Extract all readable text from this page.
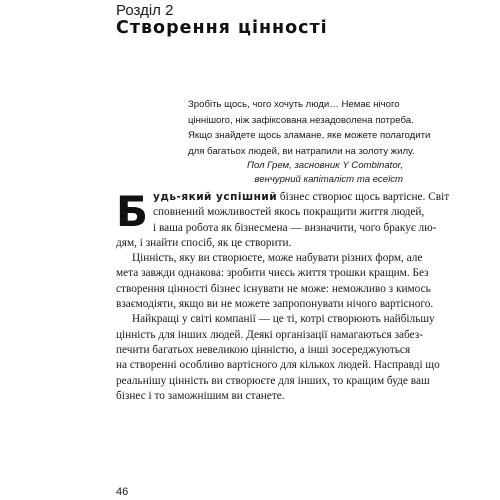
Розділ 2
Створення цінності
Зробіть щось, чого хочуть люди… Немає нічого
ціннішого, ніж зафіксована незадоволена потреба.
Якщо знайдете щось зламане, яке можете полагодити
для багатьох людей, ви натрапили на золоту жилу.
Пол Грем, засновник Y Combinator,
венчурний капіталіст та есеїст
Б удь-який успішний бізнес створює щось вартісне. Світ
сповнений можливостей якось покращити життя людей,
і ваша робота як бізнесмена — визначити, чого бракує лю-
дям, і знайти спосіб, як це створити.
Цінність, яку ви створюєте, може набувати різних форм, але
мета завжди однакова: зробити чиєсь життя трошки кращим. Без
створення цінності бізнес існувати не може: неможливо з кимось
взаємодіяти, якщо ви не можете запропонувати нічого вартісного.
Найкращі у світі компанії — це ті, котрі створюють найбільшу
цінність для інших людей. Деякі організації намагаються забез-
печити багатьох невеликою цінністю, а інші зосереджуються
на створенні особливо вартісного для кількох людей. Насправді що
реальнішу цінність ви створюєте для інших, то кращим буде ваш
бізнес і то заможнішим ви станете.
46
